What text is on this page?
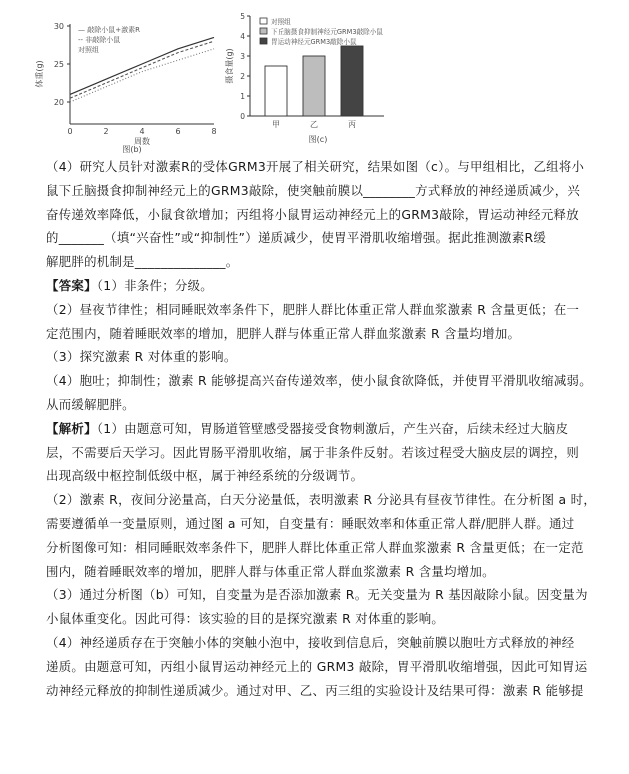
30
25
20
体重(g)
0	2	4	6	8
周数
— 敲除小鼠+激素R
-- 非敲除小鼠
对照组
图(b)
5
4
3
2
1
0
摄食量(g)
对照组
下丘脑摄食抑制神经元GRM3敲除小鼠
胃运动神经元GRM3敲除小鼠
甲	乙	丙
图(c)
（4）研究人员针对激素R的受体GRM3开展了相关研究，结果如图（c）。与甲组相比，乙组将小
鼠下丘脑摄食抑制神经元上的GRM3敲除，使突触前膜以________方式释放的神经递质减少，兴
奋传递效率降低，小鼠食欲增加；丙组将小鼠胃运动神经元上的GRM3敲除，胃运动神经元释放
的_______（填“兴奋性”或“抑制性”）递质减少，使胃平滑肌收缩增强。据此推测激素R缓
解肥胖的机制是______________。
【答案】（1）非条件；分级。
（2）昼夜节律性；相同睡眠效率条件下，肥胖人群比体重正常人群血浆激素 R 含量更低；在一
定范围内，随着睡眠效率的增加，肥胖人群与体重正常人群血浆激素 R 含量均增加。
（3）探究激素 R 对体重的影响。
（4）胞吐；抑制性；激素 R 能够提高兴奋传递效率，使小鼠食欲降低，并使胃平滑肌收缩减弱。
从而缓解肥胖。
【解析】（1）由题意可知，胃肠道管壁感受器接受食物刺激后，产生兴奋，后续未经过大脑皮
层，不需要后天学习。因此胃肠平滑肌收缩，属于非条件反射。若该过程受大脑皮层的调控，则
出现高级中枢控制低级中枢，属于神经系统的分级调节。
（2）激素 R，夜间分泌量高，白天分泌量低，表明激素 R 分泌具有昼夜节律性。在分析图 a 时，
需要遵循单一变量原则，通过图 a 可知，自变量有：睡眠效率和体重正常人群/肥胖人群。通过
分析图像可知：相同睡眠效率条件下，肥胖人群比体重正常人群血浆激素 R 含量更低；在一定范
围内，随着睡眠效率的增加，肥胖人群与体重正常人群血浆激素 R 含量均增加。
（3）通过分析图（b）可知，自变量为是否添加激素 R。无关变量为 R 基因敲除小鼠。因变量为
小鼠体重变化。因此可得：该实验的目的是探究激素 R 对体重的影响。
（4）神经递质存在于突触小体的突触小泡中，接收到信息后，突触前膜以胞吐方式释放的神经
递质。由题意可知，丙组小鼠胃运动神经元上的 GRM3 敲除，胃平滑肌收缩增强，因此可知胃运
动神经元释放的抑制性递质减少。通过对甲、乙、丙三组的实验设计及结果可得：激素 R 能够提
